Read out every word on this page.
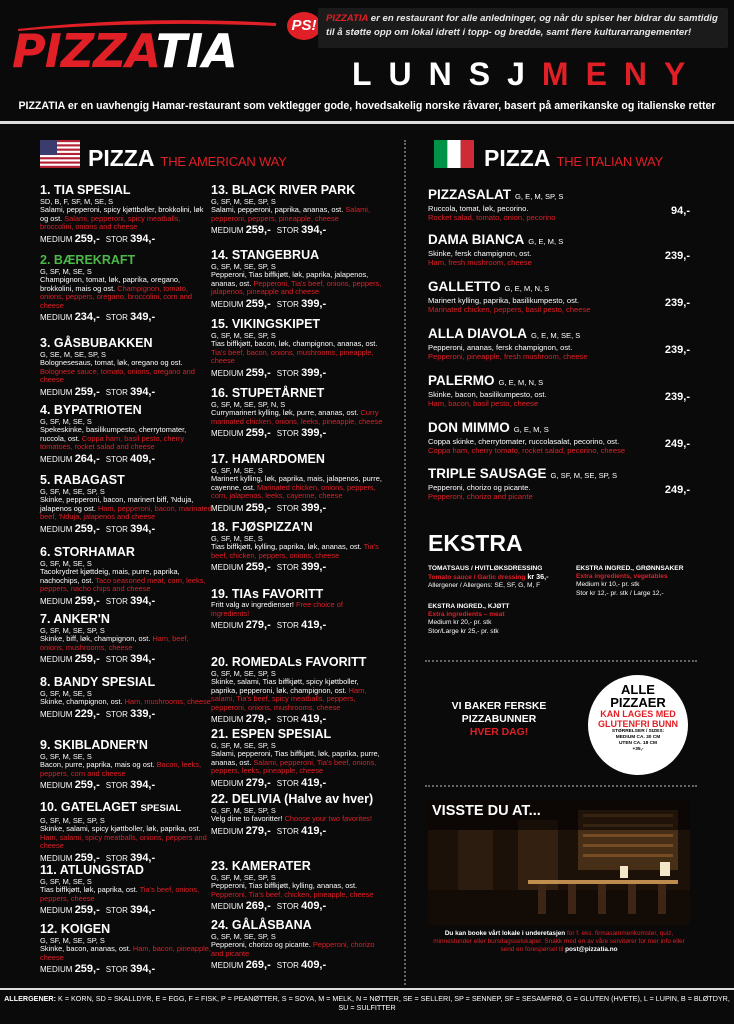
PIZZATIA	PS! PIZZATIA er en restaurant for alle anledninger, og når du spiser her bidrar du samtidig
til å støtte opp om lokal idrett i topp- og bredde, samt flere kulturarrangementer!
LUNSJMENY
PIZZATIA er en uavhengig Hamar-restaurant som vektlegger gode, hovedsakelig norske råvarer, basert på amerikanske og italienske retter
PIZZA THE AMERICAN WAY
1. TIA SPESIAL
SD, B, F, SF, M, SE, S
Salami, pepperoni, spicy kjøttboller, brokkolini, løk og ost. Salami, pepperoni, spicy meatballs, broccolini, onions and cheese
MEDIUM 259,- STOR 394,-
2. BÆREKRAFT
G, SF, M, SE, S
Champignon, tomat, løk, paprika, oregano, brokkolini, mais og ost. Champignon, tomato, onions, peppers, oregano, broccolini, corn and cheese
MEDIUM 234,- STOR 349,-
3. GÅSBUBAKKEN
G, SE, M, SE, SP, S
Bolognesesaus, tomat, løk, oregano og ost. Bolognese sauce, tomato, onions, oregano and cheese
MEDIUM 259,- STOR 394,-
4. BYPATRIOTEN
G, SF, M, SE, S
Spekeskinke, basilikumpesto, cherrytomater, ruccola, ost. Coppa ham, basil pesto, cherry tomatoes, rocket salad and cheese
MEDIUM 264,- STOR 409,-
5. RABAGAST
G, SF, M, SE, SP, S
Skinke, pepperoni, bacon, marinert biff, 'Nduja, jalapenos og ost. Ham, pepperoni, bacon, marinated beef, 'Nduja, jalapenos and cheese
MEDIUM 259,- STOR 394,-
6. STORHAMAR
G, SF, M, SE, S
Tacokrydret kjøttdeig, mais, purre, paprika, nachochips, ost. Taco seasoned meat, corn, leeks, peppers, nacho chips and cheese
MEDIUM 259,- STOR 394,-
7. ANKER'N
G, SF, M, SE, SP, S
Skinke, biff, løk, champignon, ost. Ham, beef, onions, mushrooms, cheese
MEDIUM 259,- STOR 394,-
8. BANDY SPESIAL
G, SF, M, SE, S
Skinke, champignon, ost. Ham, mushrooms, cheese
MEDIUM 229,- STOR 339,-
9. SKIBLADNER'N
G, SF, M, SE, S
Bacon, purre, paprika, mais og ost. Bacon, leeks, peppers, corn and cheese
MEDIUM 259,- STOR 394,-
10. GATELAGET SPESIAL
G, SF, M, SE, SP, S
Skinke, salami, spicy kjøttboller, løk, paprika, ost. Ham, salami, spicy meatballs, onions, peppers and cheese
MEDIUM 259,- STOR 394,-
11. ATLUNGSTAD
G, SF, M, SE, S
Tias biffkjøtt, løk, paprika, ost. Tia's beef, onions, peppers, cheese
MEDIUM 259,- STOR 394,-
12. KOIGEN
G, SF, M, SE, SP, S
Skinke, bacon, ananas, ost. Ham, bacon, pineapple, cheese
MEDIUM 259,- STOR 394,-
13. BLACK RIVER PARK
G, SF, M, SE, SP, S
Salami, pepperoni, paprika, ananas, ost. Salami, pepperoni, peppers, pineapple, cheese
MEDIUM 259,- STOR 394,-
14. STANGEBRUA
G, SF, M, SE, SP, S
Pepperoni, Tias biffkjøtt, løk, paprika, jalapenos, ananas, ost. Pepperoni, Tia's beef, onions, peppers, jalapenos, pineapple and cheese
MEDIUM 259,- STOR 399,-
15. VIKINGSKIPET
G, SF, M, SE, SP, S
Tias biffkjøtt, bacon, løk, champignon, ananas, ost. Tia's beef, bacon, onions, mushrooms, pineapple, cheese
MEDIUM 259,- STOR 399,-
16. STUPETÅRNET
G, SF, M, SE, SP, N, S
Currymarinert kylling, løk, purre, ananas, ost. Curry marinated chicken, onions, leeks, pineapple, cheese
MEDIUM 259,- STOR 399,-
17. HAMARDOMEN
G, SF, M, SE, S
Marinert kylling, løk, paprika, mais, jalapenos, purre, cayenne, ost. Marinated chicken, onions, peppers, corn, jalapenos, leeks, cayenne, cheese
MEDIUM 259,- STOR 399,-
18. FJØSPIZZA'N
G, SF, M, SE, S
Tias biffkjøtt, kylling, paprika, løk, ananas, ost. Tia's beef, chicken, peppers, onions, cheese
MEDIUM 259,- STOR 399,-
19. TIAs FAVORITT
Fritt valg av ingredienser! Free choice of ingredients!
MEDIUM 279,- STOR 419,-
20. ROMEDALs FAVORITT
G, SF, M, SE, SP, S
Skinke, salami, Tias biffkjøtt, spicy kjøttboller, paprika, pepperoni, løk, champignon, ost. Ham, salami, Tia's beef, spicy meatballs, peppers, pepperoni, onions, mushrooms, cheese
MEDIUM 279,- STOR 419,-
21. ESPEN SPESIAL
G, SF, M, SE, SP, S
Salami, pepperoni, Tias biffkjøtt, løk, paprika, purre, ananas, ost. Salami, pepperoni, Tia's beef, onions, peppers, leeks, pineapple, cheese
MEDIUM 279,- STOR 419,-
22. DELIVIA (Halve av hver)
G, SF, M, SE, SP, S
Velg dine to favoritter! Choose your two favorites!
MEDIUM 279,- STOR 419,-
23. KAMERATER
G, SF, M, SE, SP, S
Pepperoni, Tias biffkjøtt, kylling, ananas, ost. Pepperoni, Tia's beef, chicken, pineapple, cheese
MEDIUM 269,- STOR 409,-
24. GÅLÅSBANA
G, SF, M, SE, SP, S
Pepperoni, chorizo og picante. Pepperoni, chorizo and picante
MEDIUM 269,- STOR 409,-
PIZZA THE ITALIAN WAY
PIZZASALAT G, E, M, SP, S
Ruccola, tomat, løk, pecorino.
Rocket salad, tomato, onion, pecorino
94,-
DAMA BIANCA G, E, M, S
Skinke, fersk champignon, ost.
Ham, fresh mushroom, cheese
239,-
GALLETTO G, E, M, N, S
Marinert kylling, paprika, basilikumpesto, ost.
Marinated chicken, peppers, basil pesto, cheese
239,-
ALLA DIAVOLA G, E, M, SE, S
Pepperoni, ananas, fersk champignon, ost.
Pepperoni, pineapple, fresh mushroom, cheese
239,-
PALERMO G, E, M, N, S
Skinke, bacon, basilikumpesto, ost.
Ham, bacon, basil pesto, cheese
239,-
DON MIMMO G, E, M, S
Coppa skinke, cherrytomater, ruccolasalat, pecorino, ost.
Coppa ham, cherry tomato, rocket salad, pecorino, cheese
249,-
TRIPLE SAUSAGE G, SF, M, SE, SP, S
Pepperoni, chorizo og picante.
Pepperoni, chorizo and picante
249,-
EKSTRA
TOMATSAUS / HVITLØKSDRESSING
Tomato sauce / Garlic dressing kr 36,-
Allergener / Allergens: SE, SF, G, M, F
EKSTRA INGRED., GRØNNSAKER
Extra ingredients, vegetables
Medium kr 10,- pr. stk
Stor kr 12,- pr. stk / Large 12,-
EKSTRA INGRED., KJØTT
Extra ingredients – meat
Medium kr 20,- pr. stk
Stor/Large kr 25,- pr. stk
VI BAKER FERSKE
PIZZABUNNER
HVER DAG!
ALLE
PIZZAER
KAN LAGES MED
GLUTENFRI BUNN
STØRRELSER / SIZES:
MEDIUM CA. 30 CM
UTEN CA. 18 CM
+35,-
VISSTE DU AT...
Du kan booke vårt lokale i underetasjen for f. eks. firmasammenkomster, quiz, minnestunder eller bursdagsselskaper. Snakk med en av våre servitører for mer info eller send en forespørsel til post@pizzatia.no
ALLERGENER: K = KORN, SD = SKALLDYR, E = EGG, F = FISK, P = PEANØTTER, S = SOYA, M = MELK, N = NØTTER, SE = SELLERI, SP = SENNEP, SF = SESAMFRØ, G = GLUTEN (HVETE), L = LUPIN, B = BLØTDYR, SU = SULFITTER
